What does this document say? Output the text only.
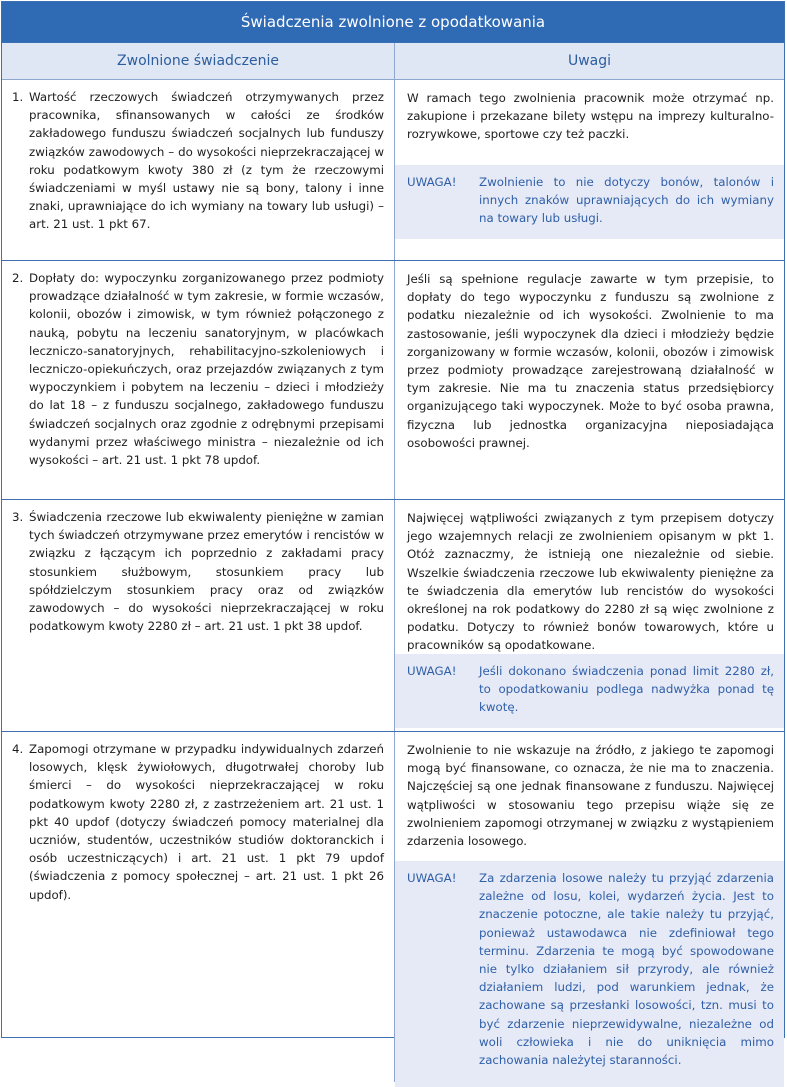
Świadczenia zwolnione z opodatkowania
Zwolnione świadczenie	Uwagi
1. Wartość rzeczowych świadczeń otrzymywanych przez pracownika, sfinansowanych w całości ze środków zakładowego funduszu świadczeń socjalnych lub funduszy związków zawodowych – do wysokości nieprzekraczającej w roku podatkowym kwoty 380 zł (z tym że rzeczowymi świadczeniami w myśl ustawy nie są bony, talony i inne znaki, uprawniające do ich wymiany na towary lub usługi) – art. 21 ust. 1 pkt 67.

W ramach tego zwolnienia pracownik może otrzymać np. zakupione i przekazane bilety wstępu na imprezy kulturalno-rozrywkowe, sportowe czy też paczki.

UWAGA!	Zwolnienie to nie dotyczy bonów, talonów i innych znaków uprawniających do ich wymiany na towary lub usługi.
2. Dopłaty do: wypoczynku zorganizowanego przez podmioty prowadzące działalność w tym zakresie, w formie wczasów, kolonii, obozów i zimowisk, w tym również połączonego z nauką, pobytu na leczeniu sanatoryjnym, w placówkach leczniczo-sanatoryjnych, rehabilitacyjno-szkoleniowych i leczniczo-opiekuńczych, oraz przejazdów związanych z tym wypoczynkiem i pobytem na leczeniu – dzieci i młodzieży do lat 18 – z funduszu socjalnego, zakładowego funduszu świadczeń socjalnych oraz zgodnie z odrębnymi przepisami wydanymi przez właściwego ministra – niezależnie od ich wysokości – art. 21 ust. 1 pkt 78 updof.

Jeśli są spełnione regulacje zawarte w tym przepisie, to dopłaty do tego wypoczynku z funduszu są zwolnione z podatku niezależnie od ich wysokości. Zwolnienie to ma zastosowanie, jeśli wypoczynek dla dzieci i młodzieży będzie zorganizowany w formie wczasów, kolonii, obozów i zimowisk przez podmioty prowadzące zarejestrowaną działalność w tym zakresie. Nie ma tu znaczenia status przedsiębiorcy organizującego taki wypoczynek. Może to być osoba prawna, fizyczna lub jednostka organizacyjna nieposiadająca osobowości prawnej.

3. Świadczenia rzeczowe lub ekwiwalenty pieniężne w zamian tych świadczeń otrzymywane przez emerytów i rencistów w związku z łączącym ich poprzednio z zakładami pracy stosunkiem służbowym, stosunkiem pracy lub spółdzielczym stosunkiem pracy oraz od związków zawodowych – do wysokości nieprzekraczającej w roku podatkowym kwoty 2280 zł – art. 21 ust. 1 pkt 38 updof.

Najwięcej wątpliwości związanych z tym przepisem dotyczy jego wzajemnych relacji ze zwolnieniem opisanym w pkt 1. Otóż zaznaczmy, że istnieją one niezależnie od siebie. Wszelkie świadczenia rzeczowe lub ekwiwalenty pieniężne za te świadczenia dla emerytów lub rencistów do wysokości określonej na rok podatkowy do 2280 zł są więc zwolnione z podatku. Dotyczy to również bonów towarowych, które u pracowników są opodatkowane.

UWAGA!	Jeśli dokonano świadczenia ponad limit 2280 zł, to opodatkowaniu podlega nadwyżka ponad tę kwotę.
4. Zapomogi otrzymane w przypadku indywidualnych zdarzeń losowych, klęsk żywiołowych, długotrwałej choroby lub śmierci – do wysokości nieprzekraczającej w roku podatkowym kwoty 2280 zł, z zastrzeżeniem art. 21 ust. 1 pkt 40 updof (dotyczy świadczeń pomocy materialnej dla uczniów, studentów, uczestników studiów doktoranckich i osób uczestniczących) i art. 21 ust. 1 pkt 79 updof (świadczenia z pomocy społecznej – art. 21 ust. 1 pkt 26 updof).

Zwolnienie to nie wskazuje na źródło, z jakiego te zapomogi mogą być finansowane, co oznacza, że nie ma to znaczenia. Najczęściej są one jednak finansowane z funduszu. Najwięcej wątpliwości w stosowaniu tego przepisu wiąże się ze zwolnieniem zapomogi otrzymanej w związku z wystąpieniem zdarzenia losowego.

UWAGA!	Za zdarzenia losowe należy tu przyjąć zdarzenia zależne od losu, kolei, wydarzeń życia. Jest to znaczenie potoczne, ale takie należy tu przyjąć, ponieważ ustawodawca nie zdefiniował tego terminu. Zdarzenia te mogą być spowodowane nie tylko działaniem sił przyrody, ale również działaniem ludzi, pod warunkiem jednak, że zachowane są przesłanki losowości, tzn. musi to być zdarzenie nieprzewidywalne, niezależne od woli człowieka i nie do uniknięcia mimo zachowania należytej staranności.
